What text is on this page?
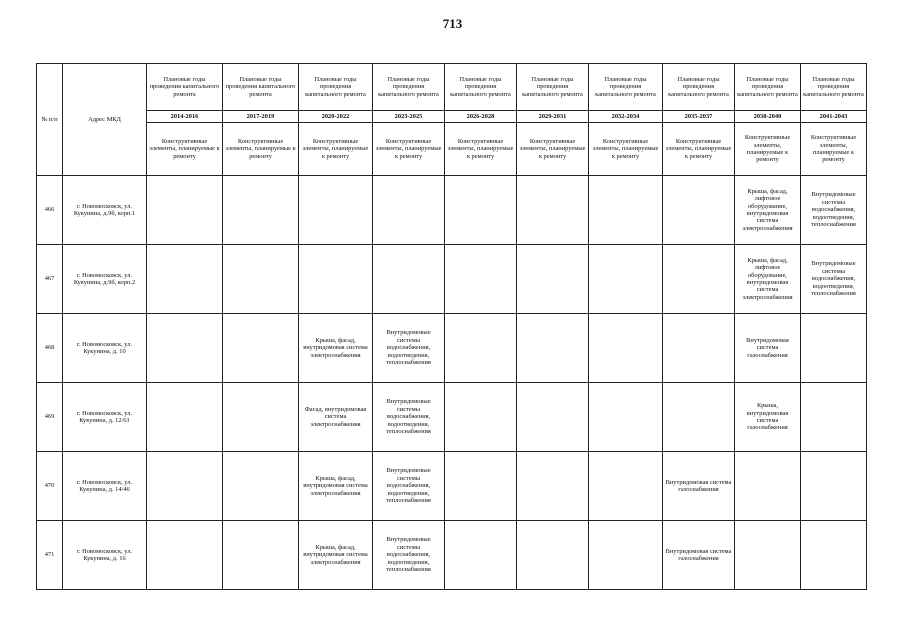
713
№ п/п	Адрес МКД	Плановые годы проведения капитального ремонта	Плановые годы проведения капитального ремонта	Плановые годы проведения капитального ремонта	Плановые годы проведения капитального ремонта	Плановые годы проведения капитального ремонта	Плановые годы проведения капитального ремонта	Плановые годы проведения капитального ремонта	Плановые годы проведения капитального ремонта	Плановые годы проведения капитального ремонта	Плановые годы проведения капитального ремонта
		2014-2016	2017-2019	2020-2022	2023-2025	2026-2028	2029-2031	2032-2034	2035-2037	2038-2040	2041-2043
		Конструктивные элементы, планируемые к ремонту	Конструктивные элементы, планируемые к ремонту	Конструктивные элементы, планируемые к ремонту	Конструктивные элементы, планируемые к ремонту	Конструктивные элементы, планируемые к ремонту	Конструктивные элементы, планируемые к ремонту	Конструктивные элементы, планируемые к ремонту	Конструктивные элементы, планируемые к ремонту	Конструктивные элементы, планируемые к ремонту	Конструктивные элементы, планируемые к ремонту
466	г. Новомосковск, ул. Кукунина, д.9б, корп.1									Крыша, фасад, лифтовое оборудование, внутридомовая система электроснабжения	Внутридомовые системы водоснабжения, водоотведения, теплоснабжения
467	г. Новомосковск, ул. Кукунина, д.9б, корп.2									Крыша, фасад, лифтовое оборудование, внутридомовая система электроснабжения	Внутридомовые системы водоснабжения, водоотведения, теплоснабжения
468	г. Новомосковск, ул. Кукунина, д. 10			Крыша, фасад, внутридомовая система электроснабжения	Внутридомовые системы водоснабжения, водоотведения, теплоснабжения					Внутридомовая система газоснабжения	
469	г. Новомосковск, ул. Кукунина, д. 12/61			Фасад, внутридомовая система электроснабжения	Внутридомовые системы водоснабжения, водоотведения, теплоснабжения					Крыша, внутридомовая система газоснабжения	
470	г. Новомосковск, ул. Кукунина, д. 14/46			Крыша, фасад, внутридомовая система электроснабжения	Внутридомовые системы водоснабжения, водоотведения, теплоснабжения				Внутридомовая система газоснабжения		
471	г. Новомосковск, ул. Кукунина, д. 16			Крыша, фасад, внутридомовая система электроснабжения	Внутридомовые системы водоснабжения, водоотведения, теплоснабжения				Внутридомовая система газоснабжения		
